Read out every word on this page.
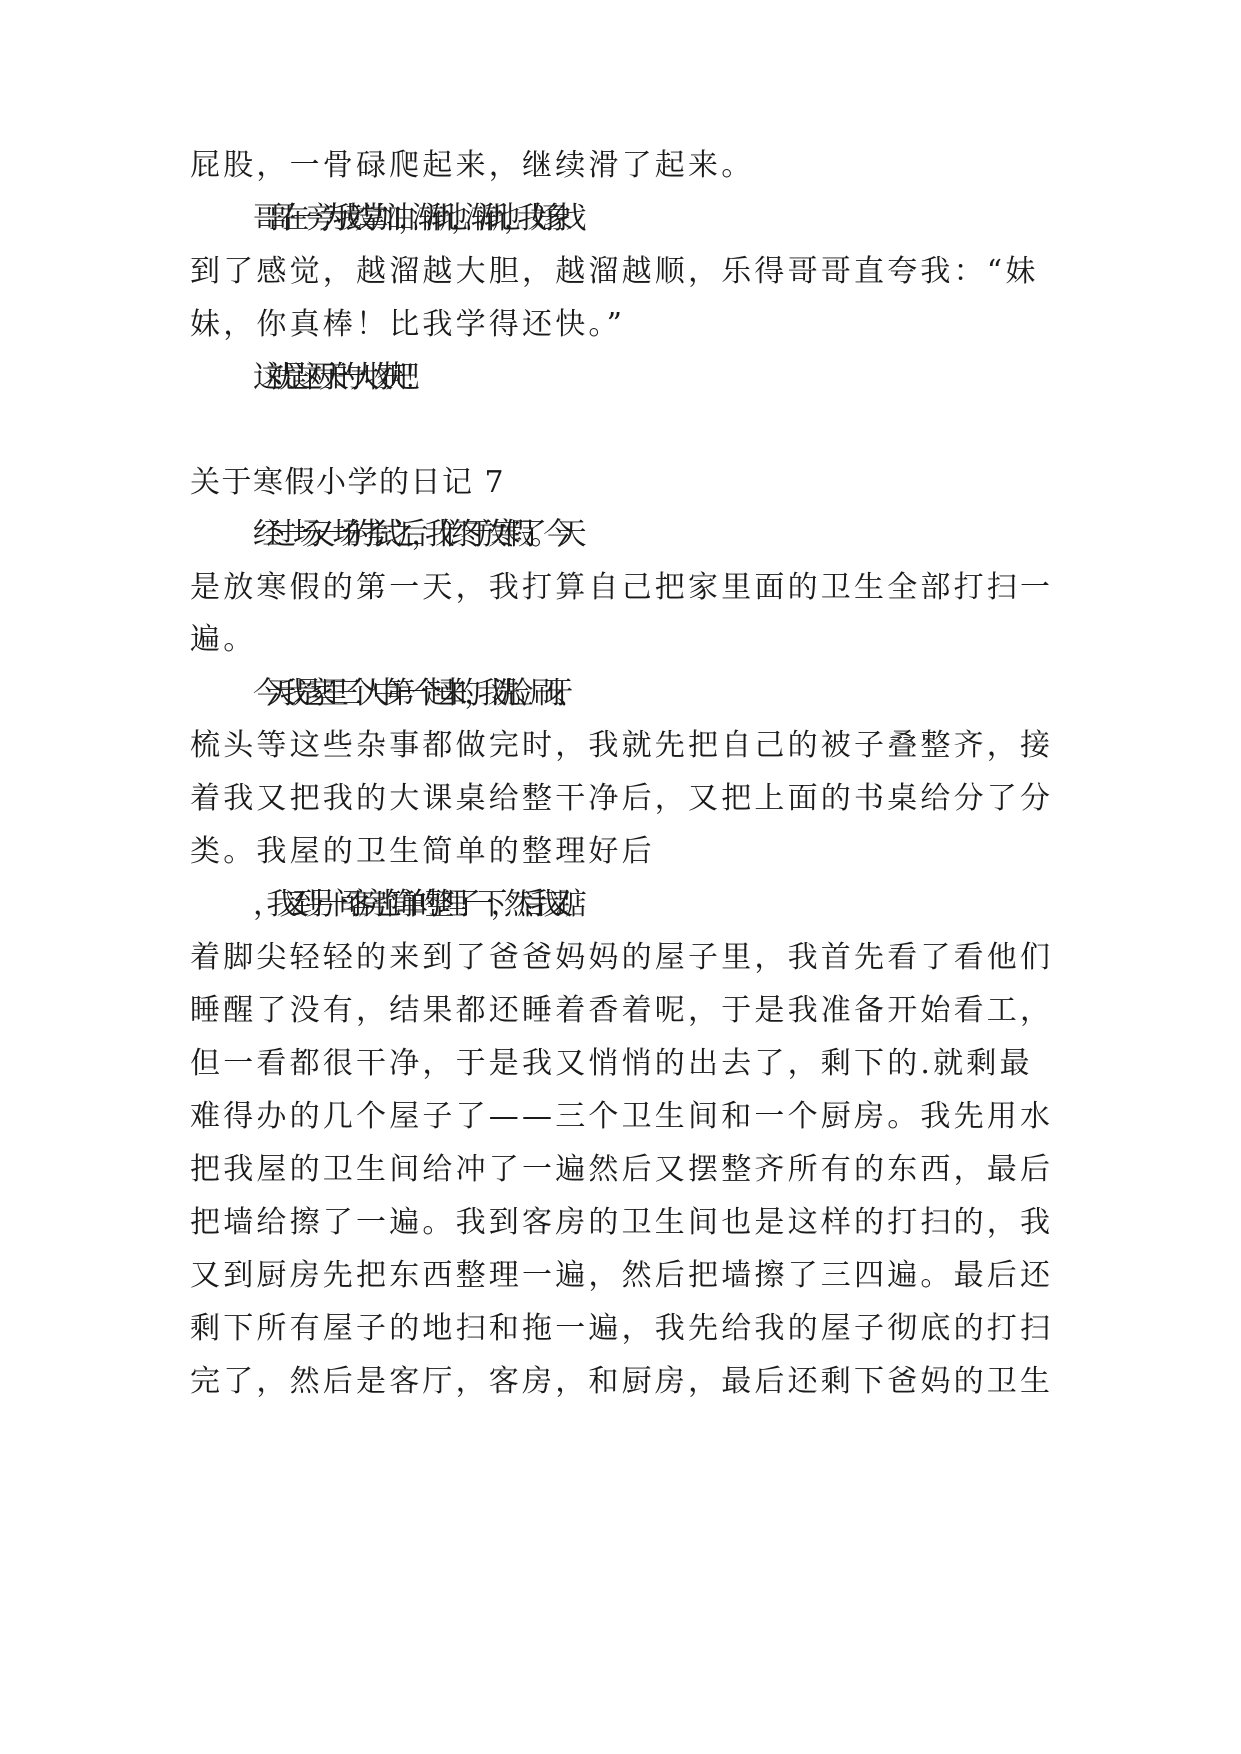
屁股，一骨碌爬起来，继续滑了起来。
哥哥在一旁为我鼓掌加油，渐渐地，渐渐地，我好象找
到了感觉，越溜越大胆，越溜越顺，乐得哥哥直夸我：“妹
妹，你真棒！比我学得还快。”
这就是这两天的'一大收获吧！
关于寒假小学的日记 7
经过一场又一场的考试之后，我们终于放寒假了。今天
是放寒假的第一天，我打算自己把家里面的卫生全部打扫一
遍。
今天我是家里三个人中第一个起来的，我洗脸、刷牙、
梳头等这些杂事都做完时，我就先把自己的被子叠整齐，接
着我又把我的大课桌给整干净后，又把上面的书桌给分了分
类。我屋的卫生简单的整理好后
，我又到另一间客房也简单的整理了一下，然后我又踮
着脚尖轻轻的来到了爸爸妈妈的屋子里，我首先看了看他们
睡醒了没有，结果都还睡着香着呢，于是我准备开始看工，
但一看都很干净，于是我又悄悄的出去了，剩下的.就剩最
难得办的几个屋子了——三个卫生间和一个厨房。我先用水
把我屋的卫生间给冲了一遍然后又摆整齐所有的东西，最后
把墙给擦了一遍。我到客房的卫生间也是这样的打扫的，我
又到厨房先把东西整理一遍，然后把墙擦了三四遍。最后还
剩下所有屋子的地扫和拖一遍，我先给我的屋子彻底的打扫
完了，然后是客厅，客房，和厨房，最后还剩下爸妈的卫生
